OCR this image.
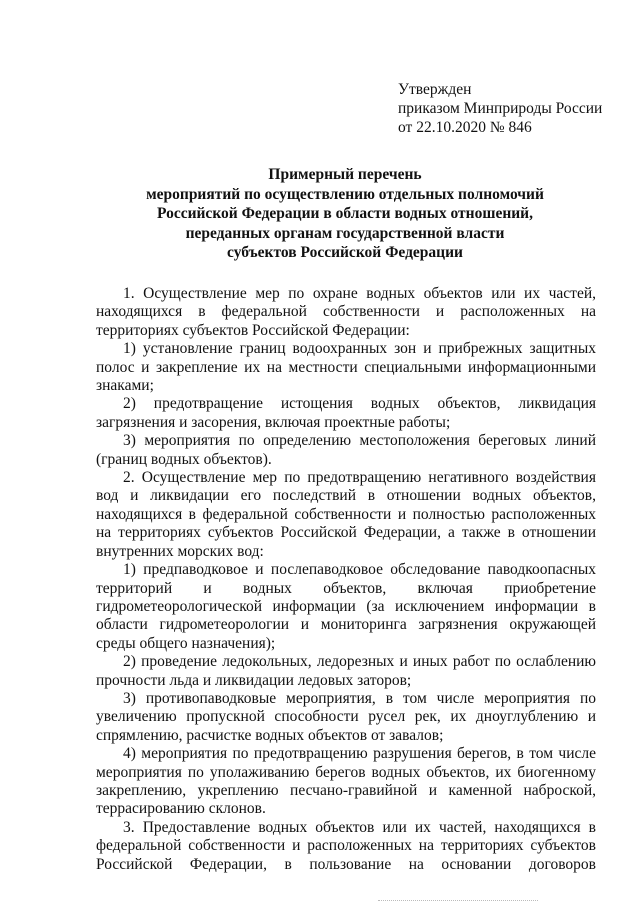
Утвержден
приказом Минприроды России
от 22.10.2020 № 846
Примерный перечень
мероприятий по осуществлению отдельных полномочий
Российской Федерации в области водных отношений,
переданных органам государственной власти
субъектов Российской Федерации

1. Осуществление мер по охране водных объектов или их частей, находящихся в федеральной собственности и расположенных на территориях субъектов Российской Федерации:

1) установление границ водоохранных зон и прибрежных защитных полос и закрепление их на местности специальными информационными знаками;

2) предотвращение истощения водных объектов, ликвидация загрязнения и засорения, включая проектные работы;

3) мероприятия по определению местоположения береговых линий (границ водных объектов).

2. Осуществление мер по предотвращению негативного воздействия вод и ликвидации его последствий в отношении водных объектов, находящихся в федеральной собственности и полностью расположенных на территориях субъектов Российской Федерации, а также в отношении внутренних морских вод:

1) предпаводковое и послепаводковое обследование паводкоопасных территорий и водных объектов, включая приобретение гидрометеорологической информации (за исключением информации в области гидрометеорологии и мониторинга загрязнения окружающей среды общего назначения);

2) проведение ледокольных, ледорезных и иных работ по ослаблению прочности льда и ликвидации ледовых заторов;

3) противопаводковые мероприятия, в том числе мероприятия по увеличению пропускной способности русел рек, их дноуглублению и спрямлению, расчистке водных объектов от завалов;

4) мероприятия по предотвращению разрушения берегов, в том числе мероприятия по уполаживанию берегов водных объектов, их биогенному закреплению, укреплению песчано-гравийной и каменной наброской, террасированию склонов.

3. Предоставление водных объектов или их частей, находящихся в федеральной собственности и расположенных на территориях субъектов Российской Федерации, в пользование на основании договоров
